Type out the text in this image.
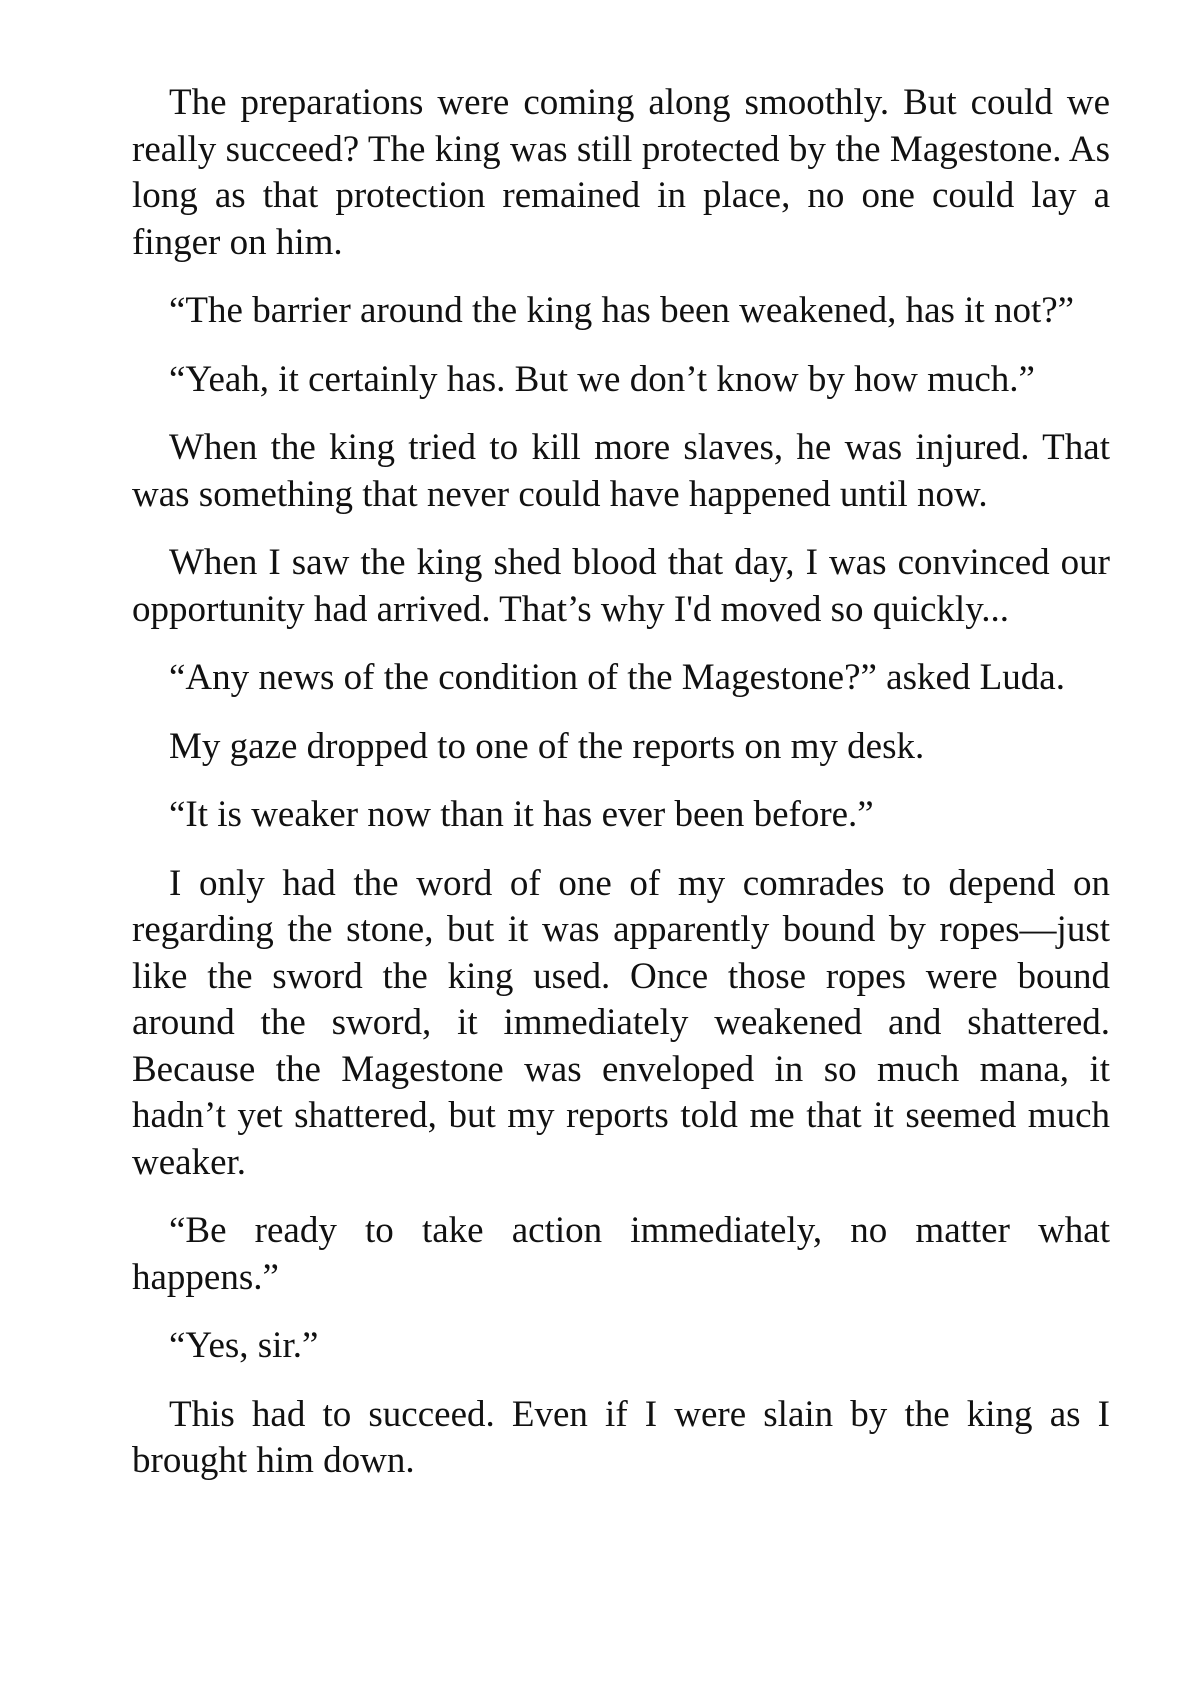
The preparations were coming along smoothly. But could we really succeed? The king was still protected by the Magestone. As long as that protection remained in place, no one could lay a finger on him.

“The barrier around the king has been weakened, has it not?”

“Yeah, it certainly has. But we don’t know by how much.”

When the king tried to kill more slaves, he was injured. That was something that never could have happened until now.

When I saw the king shed blood that day, I was convinced our opportunity had arrived. That’s why I'd moved so quickly...

“Any news of the condition of the Magestone?” asked Luda.

My gaze dropped to one of the reports on my desk.

“It is weaker now than it has ever been before.”

I only had the word of one of my comrades to depend on regarding the stone, but it was apparently bound by ropes—just like the sword the king used. Once those ropes were bound around the sword, it immediately weakened and shattered. Because the Magestone was enveloped in so much mana, it hadn’t yet shattered, but my reports told me that it seemed much weaker.

“Be ready to take action immediately, no matter what happens.”

“Yes, sir.”

This had to succeed. Even if I were slain by the king as I brought him down.
